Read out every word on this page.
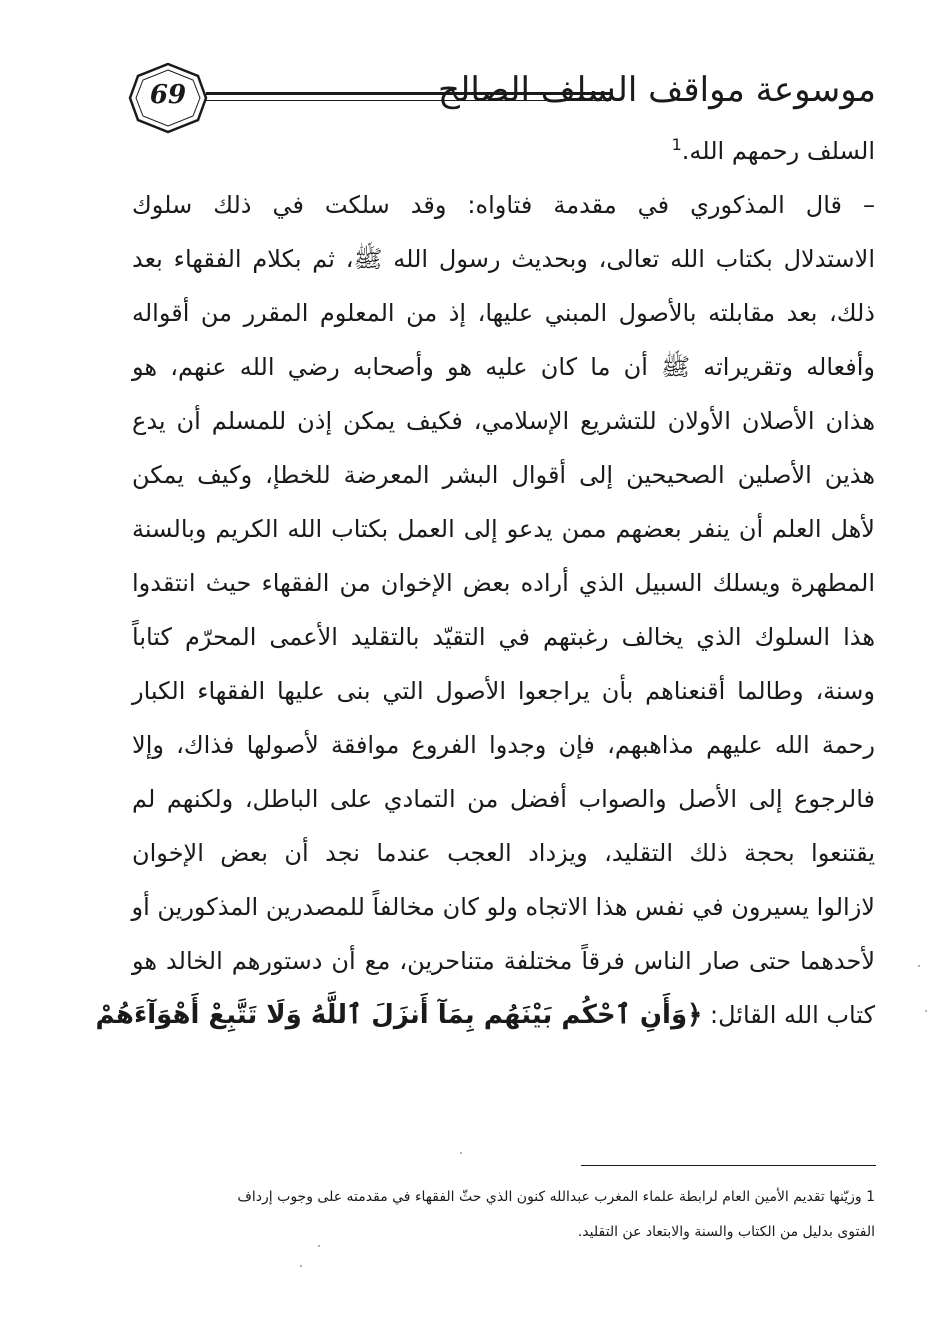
69	موسوعة مواقف السلف الصالح
السلف رحمهم الله.$^1$
– قال المذكوري في مقدمة فتاواه: وقد سلكت في ذلك سلوك
الاستدلال بكتاب الله تعالى، وبحديث رسول الله ﷺ، ثم بكلام الفقهاء بعد
ذلك، بعد مقابلته بالأصول المبني عليها، إذ من المعلوم المقرر من أقواله
وأفعاله وتقريراته ﷺ أن ما كان عليه هو وأصحابه رضي الله عنهم، هو
هذان الأصلان الأولان للتشريع الإسلامي، فكيف يمكن إذن للمسلم أن يدع
هذين الأصلين الصحيحين إلى أقوال البشر المعرضة للخطإ، وكيف يمكن
لأهل العلم أن ينفر بعضهم ممن يدعو إلى العمل بكتاب الله الكريم وبالسنة
المطهرة ويسلك السبيل الذي أراده بعض الإخوان من الفقهاء حيث انتقدوا
هذا السلوك الذي يخالف رغبتهم في التقيّد بالتقليد الأعمى المحرّم كتاباً
وسنة، وطالما أقنعناهم بأن يراجعوا الأصول التي بنى عليها الفقهاء الكبار
رحمة الله عليهم مذاهبهم، فإن وجدوا الفروع موافقة لأصولها فذاك، وإلا
فالرجوع إلى الأصل والصواب أفضل من التمادي على الباطل، ولكنهم لم
يقتنعوا بحجة ذلك التقليد، ويزداد العجب عندما نجد أن بعض الإخوان
لازالوا يسيرون في نفس هذا الاتجاه ولو كان مخالفاً للمصدرين المذكورين أو
لأحدهما حتى صار الناس فرقاً مختلفة متناحرين، مع أن دستورهم الخالد هو
كتاب الله القائل: ﴿وَأَنِ ٱحْكُم بَيْنَهُم بِمَآ أَنزَلَ ٱللَّهُ وَلَا تَتَّبِعْ أَهْوَآءَهُمْ
1 وزيّنها تقديم الأمين العام لرابطة علماء المغرب عبدالله كنون الذي حثّ الفقهاء في مقدمته على وجوب إرداف
الفتوى بدليل من الكتاب والسنة والابتعاد عن التقليد.
